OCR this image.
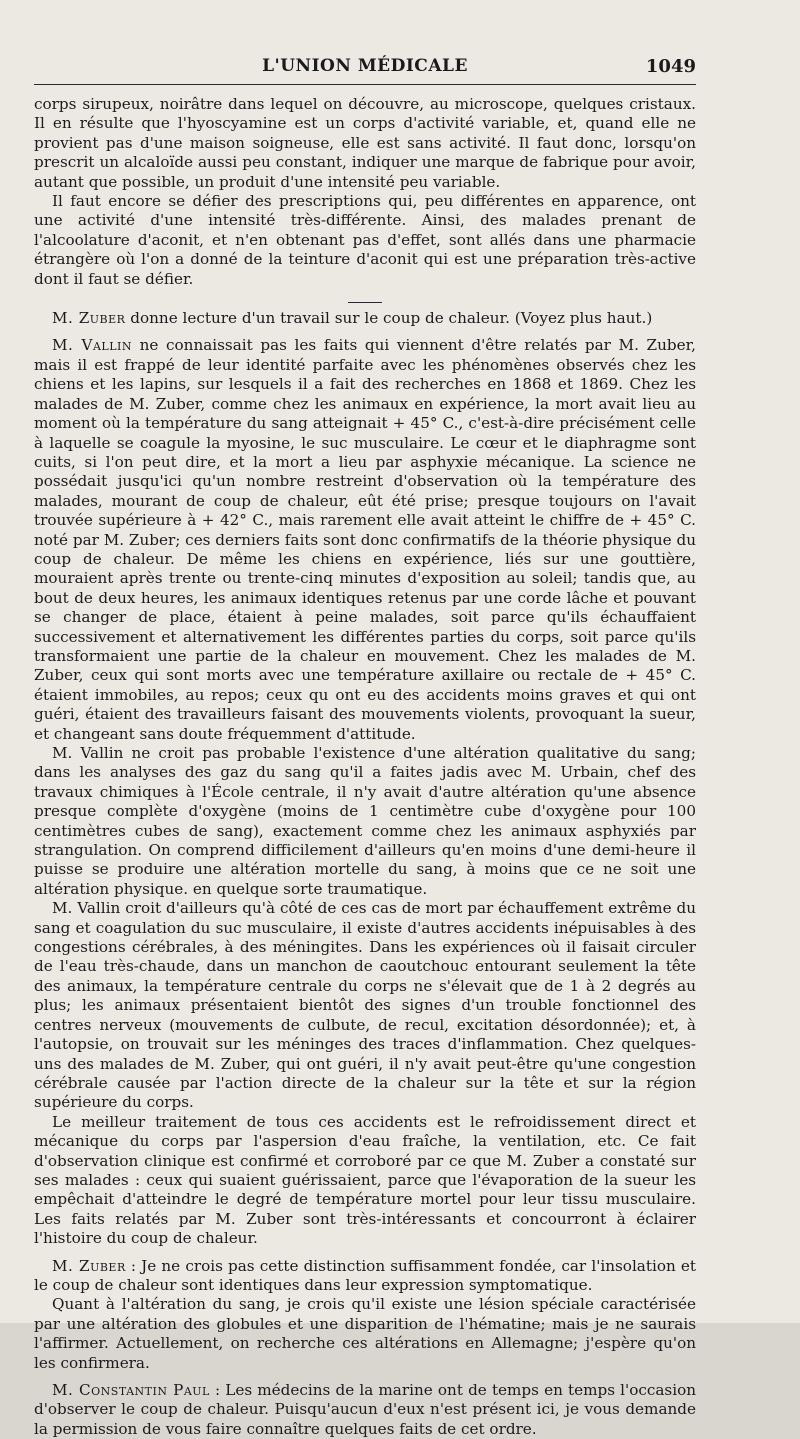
L'UNION MÉDICALE	1049

corps sirupeux, noirâtre dans lequel on découvre, au microscope, quelques cristaux. Il en résulte que l'hyoscyamine est un corps d'activité variable, et, quand elle ne provient pas d'une maison soigneuse, elle est sans activité. Il faut donc, lorsqu'on prescrit un alcaloïde aussi peu constant, indiquer une marque de fabrique pour avoir, autant que possible, un produit d'une intensité peu variable.

Il faut encore se défier des prescriptions qui, peu différentes en apparence, ont une activité d'une intensité très-différente. Ainsi, des malades prenant de l'alcoolature d'aconit, et n'en obtenant pas d'effet, sont allés dans une pharmacie étrangère où l'on a donné de la teinture d'aconit qui est une préparation très-active dont il faut se défier.

M. Zuber donne lecture d'un travail sur le coup de chaleur. (Voyez plus haut.)

M. Vallin ne connaissait pas les faits qui viennent d'être relatés par M. Zuber, mais il est frappé de leur identité parfaite avec les phénomènes observés chez les chiens et les lapins, sur lesquels il a fait des recherches en 1868 et 1869. Chez les malades de M. Zuber, comme chez les animaux en expérience, la mort avait lieu au moment où la température du sang atteignait + 45° C., c'est-à-dire précisément celle à laquelle se coagule la myosine, le suc musculaire. Le cœur et le diaphragme sont cuits, si l'on peut dire, et la mort a lieu par asphyxie mécanique. La science ne possédait jusqu'ici qu'un nombre restreint d'observation où la température des malades, mourant de coup de chaleur, eût été prise; presque toujours on l'avait trouvée supérieure à + 42° C., mais rarement elle avait atteint le chiffre de + 45° C. noté par M. Zuber; ces derniers faits sont donc confirmatifs de la théorie physique du coup de chaleur. De même les chiens en expérience, liés sur une gouttière, mouraient après trente ou trente-cinq minutes d'exposition au soleil; tandis que, au bout de deux heures, les animaux identiques retenus par une corde lâche et pouvant se changer de place, étaient à peine malades, soit parce qu'ils échauffaient successivement et alternativement les différentes parties du corps, soit parce qu'ils transformaient une partie de la chaleur en mouvement. Chez les malades de M. Zuber, ceux qui sont morts avec une température axillaire ou rectale de + 45° C. étaient immobiles, au repos; ceux qu ont eu des accidents moins graves et qui ont guéri, étaient des travailleurs faisant des mouvements violents, provoquant la sueur, et changeant sans doute fréquemment d'attitude.

M. Vallin ne croit pas probable l'existence d'une altération qualitative du sang; dans les analyses des gaz du sang qu'il a faites jadis avec M. Urbain, chef des travaux chimiques à l'École centrale, il n'y avait d'autre altération qu'une absence presque complète d'oxygène (moins de 1 centimètre cube d'oxygène pour 100 centimètres cubes de sang), exactement comme chez les animaux asphyxiés par strangulation. On comprend difficilement d'ailleurs qu'en moins d'une demi-heure il puisse se produire une altération mortelle du sang, à moins que ce ne soit une altération physique. en quelque sorte traumatique.

M. Vallin croit d'ailleurs qu'à côté de ces cas de mort par échauffement extrême du sang et coagulation du suc musculaire, il existe d'autres accidents inépuisables à des congestions cérébrales, à des méningites. Dans les expériences où il faisait circuler de l'eau très-chaude, dans un manchon de caoutchouc entourant seulement la tête des animaux, la température centrale du corps ne s'élevait que de 1 à 2 degrés au plus; les animaux présentaient bientôt des signes d'un trouble fonctionnel des centres nerveux (mouvements de culbute, de recul, excitation désordonnée); et, à l'autopsie, on trouvait sur les méninges des traces d'inflammation. Chez quelques-uns des malades de M. Zuber, qui ont guéri, il n'y avait peut-être qu'une congestion cérébrale causée par l'action directe de la chaleur sur la tête et sur la région supérieure du corps.

Le meilleur traitement de tous ces accidents est le refroidissement direct et mécanique du corps par l'aspersion d'eau fraîche, la ventilation, etc. Ce fait d'observation clinique est confirmé et corroboré par ce que M. Zuber a constaté sur ses malades : ceux qui suaient guérissaient, parce que l'évaporation de la sueur les empêchait d'atteindre le degré de température mortel pour leur tissu musculaire. Les faits relatés par M. Zuber sont très-intéressants et concourront à éclairer l'histoire du coup de chaleur.

M. Zuber : Je ne crois pas cette distinction suffisamment fondée, car l'insolation et le coup de chaleur sont identiques dans leur expression symptomatique.

Quant à l'altération du sang, je crois qu'il existe une lésion spéciale caractérisée par une altération des globules et une disparition de l'hématine; mais je ne saurais l'affirmer. Actuellement, on recherche ces altérations en Allemagne; j'espère qu'on les confirmera.

M. Constantin Paul : Les médecins de la marine ont de temps en temps l'occasion d'observer le coup de chaleur. Puisqu'aucun d'eux n'est présent ici, je vous demande la permission de vous faire connaître quelques faits de cet ordre.
